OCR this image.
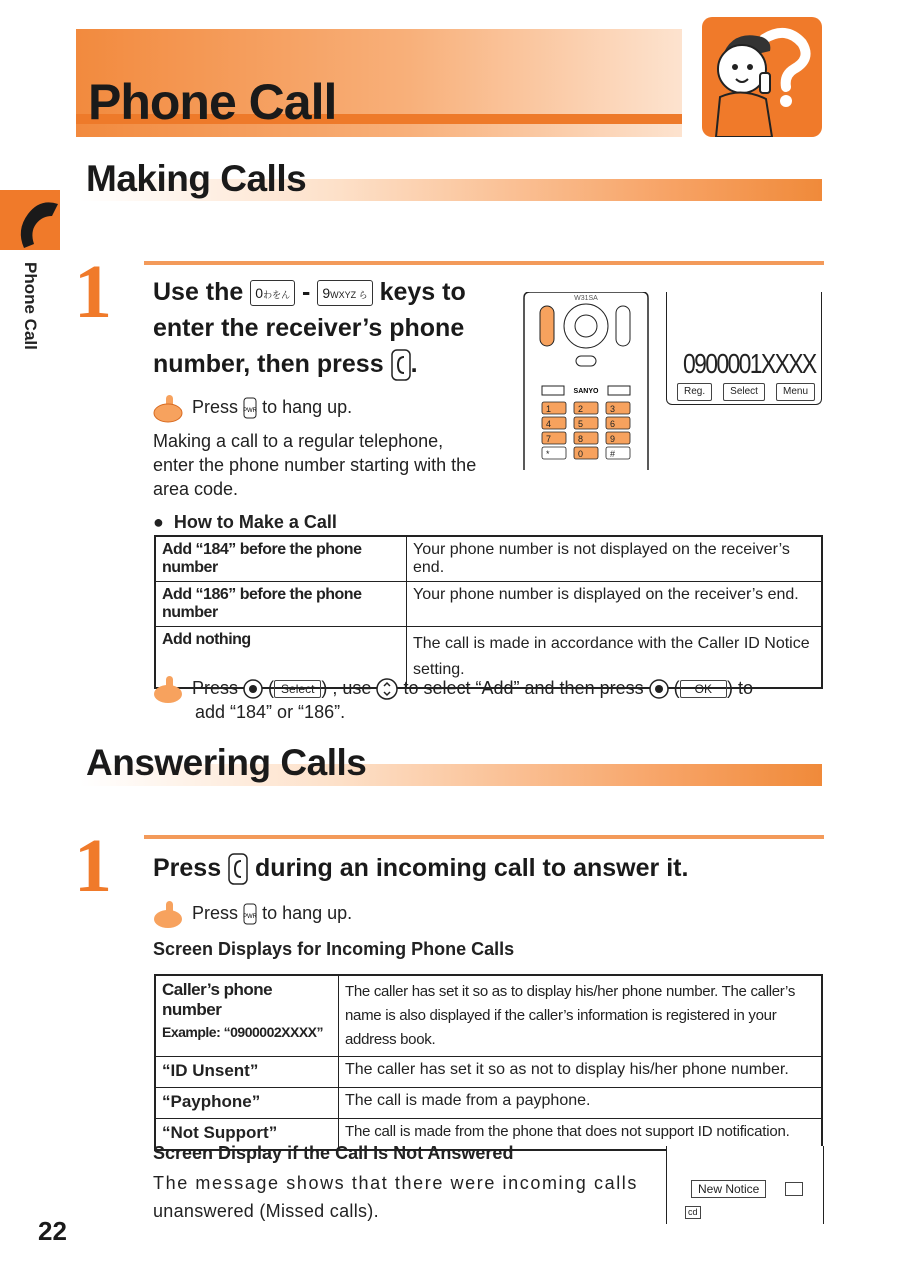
Phone Call
Phone Call
Making Calls
1 Use the 0わをん - 9WXYZ ら keys to
enter the receiver’s phone
number, then press .
Press PWR to hang up.
Making a call to a regular telephone, enter the phone number starting with the area code.
W31SA
SANYO
1	2	3
4	5	6
7	8	9
*	0	#
0900001XXXX
Reg.	Select	Menu
● How to Make a Call
Add “184” before the phone number	Your phone number is not displayed on the receiver’s end.
Add “186” before the phone number	Your phone number is displayed on the receiver’s end.
Add nothing	The call is made in accordance with the Caller ID Notice setting.
Press  ( Select ) , use to select “Add” and then press  ( OK ) to
add “184” or “186”.
Answering Calls
1 Press during an incoming call to answer it.
Press PWR to hang up.
Screen Displays for Incoming Phone Calls
Caller’s phone number
Example: “0900002XXXX”	The caller has set it so as to display his/her phone number. The caller’s name is also displayed if the caller’s information is registered in your address book.
“ID Unsent”	The caller has set it so as not to display his/her phone number.
“Payphone”	The call is made from a payphone.
“Not Support”	The call is made from the phone that does not support ID notification.
Screen Display if the Call Is Not Answered
The message shows that there were incoming calls
unanswered (Missed calls).
New Notice
cd
22
